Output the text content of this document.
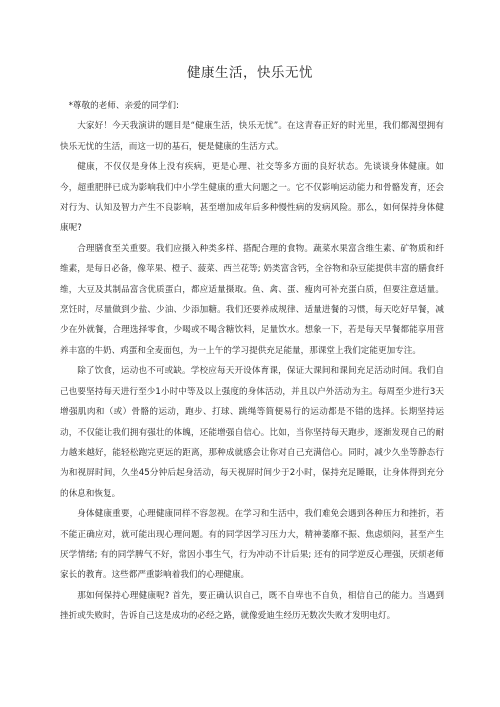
健康生活，快乐无忧

*尊敬的老师、亲爱的同学们:

大家好！今天我演讲的题目是“健康生活，快乐无忧”。在这青春正好的时光里，我们都渴望拥有快乐无忧的生活，而这一切的基石，便是健康的生活方式。

健康，不仅仅是身体上没有疾病，更是心理、社交等多方面的良好状态。先谈谈身体健康。如今，超重肥胖已成为影响我们中小学生健康的重大问题之一。它不仅影响运动能力和骨骼发育，还会对行为、认知及智力产生不良影响，甚至增加成年后多种慢性病的发病风险。那么，如何保持身体健康呢?

合理膳食至关重要。我们应摄入种类多样、搭配合理的食物。蔬菜水果富含维生素、矿物质和纤维素，是每日必备，像苹果、橙子、菠菜、西兰花等; 奶类富含钙，全谷物和杂豆能提供丰富的膳食纤维，大豆及其制品富含优质蛋白，都应适量摄取。鱼、禽、蛋、瘦肉可补充蛋白质，但要注意适量。烹饪时，尽量做到少盐、少油、少添加糖。我们还要养成规律、适量进餐的习惯，每天吃好早餐，减少在外就餐，合理选择零食，少喝或不喝含糖饮料，足量饮水。想象一下，若是每天早餐都能享用营养丰富的牛奶、鸡蛋和全麦面包，为一上午的学习提供充足能量，那课堂上我们定能更加专注。

除了饮食，运动也不可或缺。学校应每天开设体育课，保证大课间和课间充足活动时间。我们自己也要坚持每天进行至少1小时中等及以上强度的身体活动，并且以户外活动为主。每周至少进行3天增强肌肉和（或）骨骼的运动，跑步、打球、跳绳等简便易行的运动都是不错的选择。长期坚持运动，不仅能让我们拥有强壮的体魄，还能增强自信心。比如，当你坚持每天跑步，逐渐发现自己的耐力越来越好，能轻松跑完更远的距离，那种成就感会让你对自己充满信心。同时，减少久坐等静态行为和视屏时间，久坐45分钟后起身活动，每天视屏时间少于2小时，保持充足睡眠，让身体得到充分的休息和恢复。

身体健康重要，心理健康同样不容忽视。在学习和生活中，我们难免会遇到各种压力和挫折，若不能正确应对，就可能出现心理问题。有的同学因学习压力大，精神萎靡不振、焦虑烦闷，甚至产生厌学情绪; 有的同学脾气不好，常因小事生气，行为冲动不计后果; 还有的同学逆反心理强，厌烦老师家长的教育。这些都严重影响着我们的心理健康。

那如何保持心理健康呢? 首先，要正确认识自己，既不自卑也不自负，相信自己的能力。当遇到挫折或失败时，告诉自己这是成功的必经之路，就像爱迪生经历无数次失败才发明电灯。
